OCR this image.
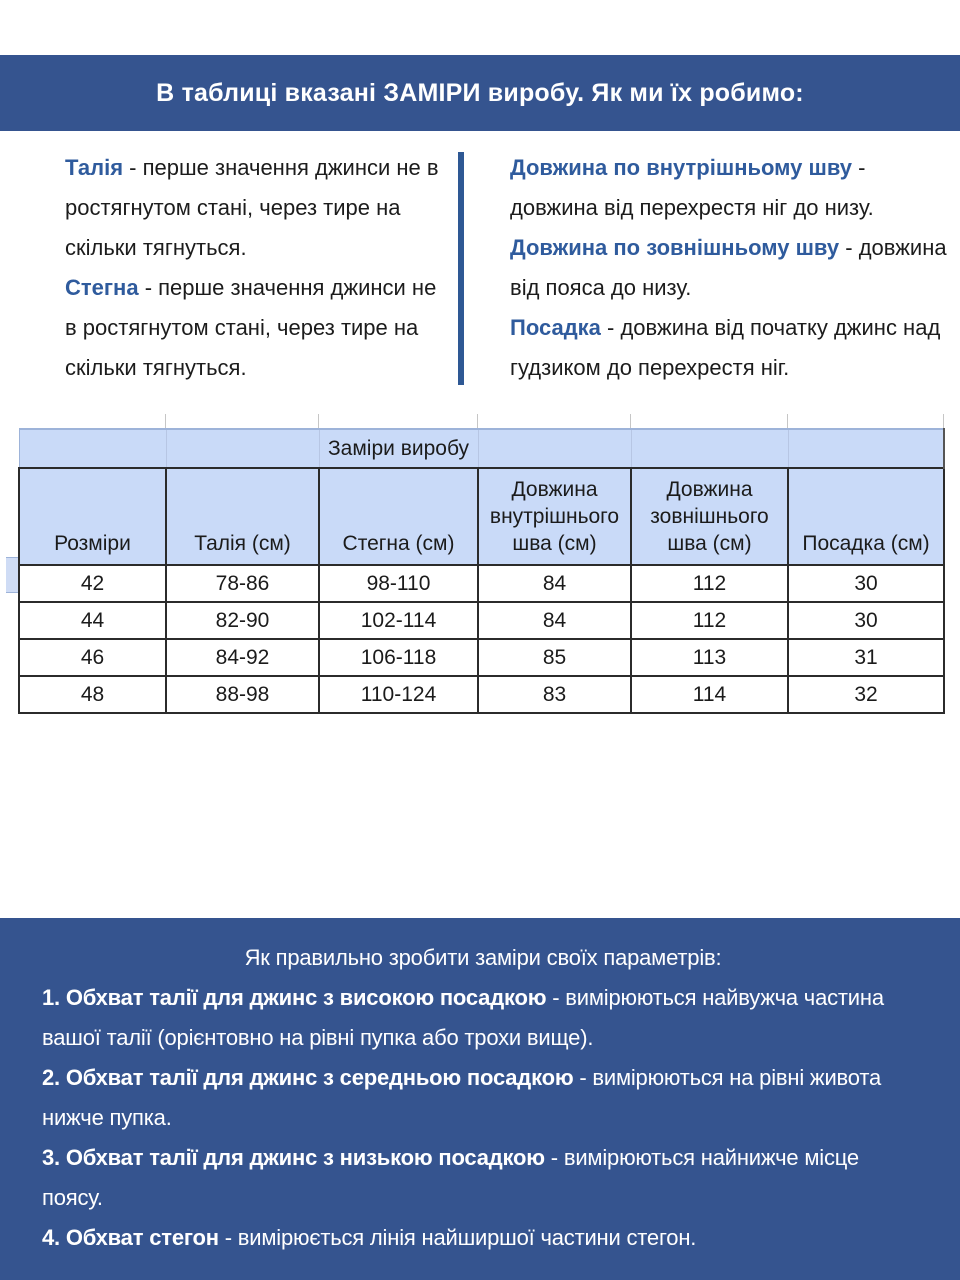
В таблиці вказані ЗАМІРИ виробу. Як ми їх робимо:

Талія - перше значення джинси не в ростягнутом стані, через тире на скільки тягнуться.

Стегна - перше значення джинси не в ростягнутом стані, через тире на скільки тягнуться.

Довжина по внутрішньому шву - довжина від перехрестя ніг до низу.

Довжина по зовнішньому шву - довжина від пояса до низу.

Посадка - довжина від початку джинс над гудзиком до перехрестя ніг.

		Заміри виробу			
Розміри	Талія (см)	Стегна (см)	Довжина внутрішнього шва (см)	Довжина зовнішнього шва (см)	Посадка (см)
42	78-86	98-110	84	112	30
44	82-90	102-114	84	112	30
46	84-92	106-118	85	113	31
48	88-98	110-124	83	114	32

Як правильно зробити заміри своїх параметрів:

1. Обхват талії для джинс з високою посадкою - вимірюються найвужча частина вашої талії (орієнтовно на рівні пупка або трохи вище).

2. Обхват талії для джинс з середньою посадкою - вимірюються на рівні живота нижче пупка.

3. Обхват талії для джинс з низькою посадкою - вимірюються найнижче місце поясу.

4. Обхват стегон - вимірюється лінія найширшої частини стегон.
